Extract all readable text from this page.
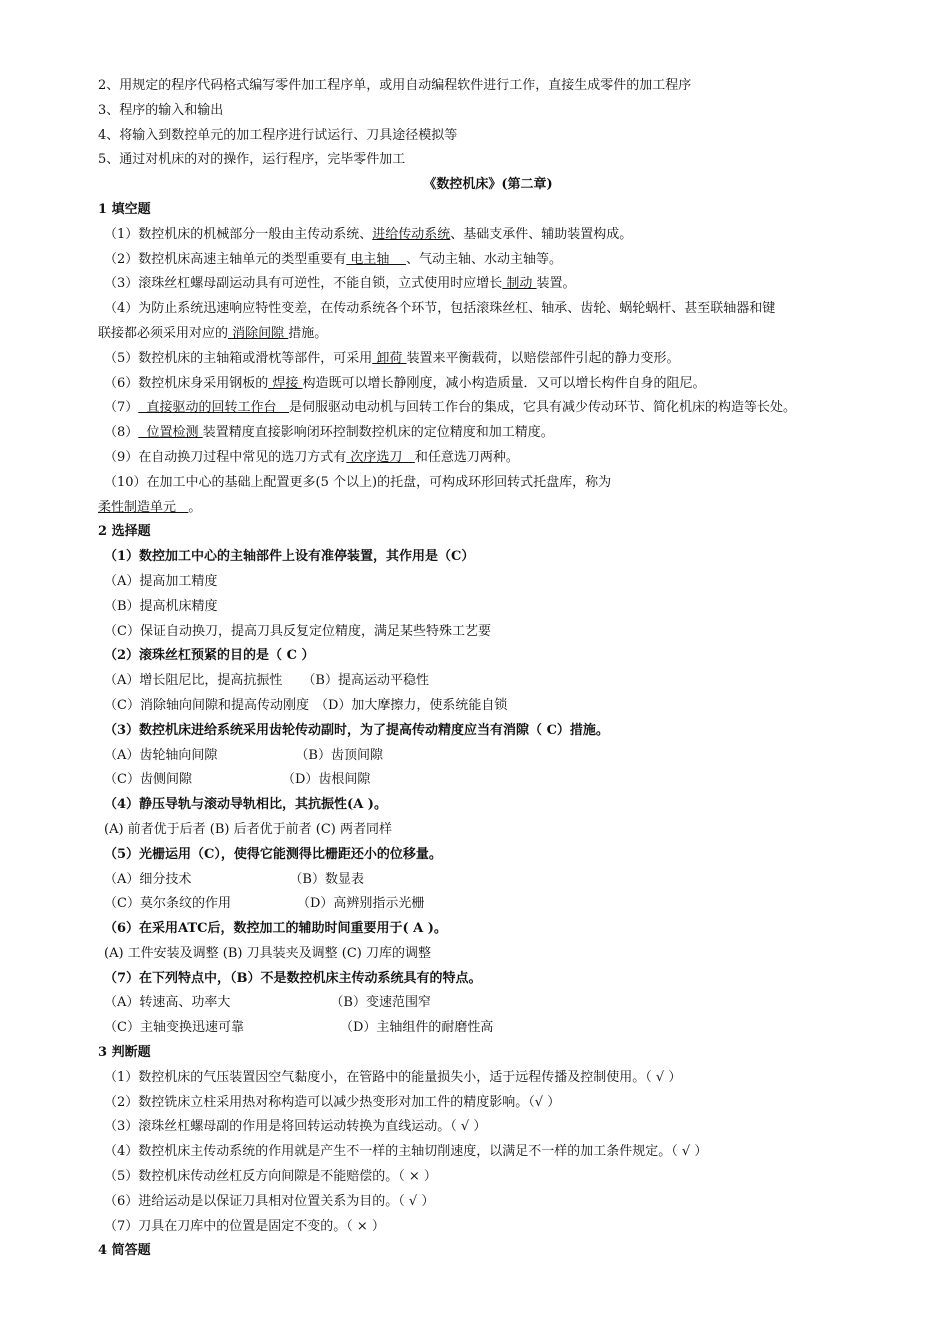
2、用规定的程序代码格式编写零件加工程序单，或用自动编程软件进行工作，直接生成零件的加工程序
3、程序的输入和输出
4、将输入到数控单元的加工程序进行试运行、刀具途径模拟等
5、通过对机床的对的操作，运行程序，完毕零件加工
《数控机床》(第二章)
1 填空题
（1）数控机床的机械部分一般由主传动系统、进给传动系统、基础支承件、辅助装置构成。
（2）数控机床高速主轴单元的类型重要有 电主轴    、气动主轴、水动主轴等。
（3）滚珠丝杠螺母副运动具有可逆性，不能自锁，立式使用时应增长 制动 装置。
（4）为防止系统迅速响应特性变差，在传动系统各个环节，包括滚珠丝杠、轴承、齿轮、蜗轮蜗杆、甚至联轴器和键
联接都必须采用对应的 消除间隙 措施。
（5）数控机床的主轴箱或滑枕等部件，可采用 卸荷 装置来平衡载荷，以赔偿部件引起的静力变形。
（6）数控机床身采用钢板的 焊接 构造既可以增长静刚度，减小构造质量．又可以增长构件自身的阻尼。
（7）  直接驱动的回转工作台   是伺服驱动电动机与回转工作台的集成，它具有减少传动环节、简化机床的构造等长处。
（8）  位置检测 装置精度直接影响闭环控制数控机床的定位精度和加工精度。
（9）在自动换刀过程中常见的选刀方式有 次序选刀   和任意选刀两种。
（10）在加工中心的基础上配置更多(5 个以上)的托盘，可构成环形回转式托盘库，称为
柔性制造单元   。
2 选择题
（1）数控加工中心的主轴部件上设有准停装置，其作用是（C）
（A）提高加工精度
（B）提高机床精度
（C）保证自动换刀，提高刀具反复定位精度，满足某些特殊工艺要
（2）滚珠丝杠预紧的目的是（ C ）
（A）增长阻尼比，提高抗振性 （B）提高运动平稳性
（C）消除轴向间隙和提高传动刚度 （D）加大摩擦力，使系统能自锁
（3）数控机床进给系统采用齿轮传动副时，为了提高传动精度应当有消隙（ C）措施。
（A）齿轮轴向间隙	（B）齿顶间隙
（C）齿侧间隙	（D）齿根间隙
（4）静压导轨与滚动导轨相比，其抗振性(A )。
(A) 前者优于后者 (B) 后者优于前者 (C) 两者同样
（5）光栅运用（C），使得它能测得比栅距还小的位移量。
（A）细分技术	（B）数显表
（C）莫尔条纹的作用	（D）高辨别指示光栅
（6）在采用ATC后，数控加工的辅助时间重要用于( A )。
(A) 工件安装及调整 (B) 刀具装夹及调整 (C) 刀库的调整
（7）在下列特点中，（B）不是数控机床主传动系统具有的特点。
（A）转速高、功率大	（B）变速范围窄
（C）主轴变换迅速可靠	（D）主轴组件的耐磨性高
3 判断题
（1）数控机床的气压装置因空气黏度小，在管路中的能量损失小，适于远程传播及控制使用。（ √ ）
（2）数控铣床立柱采用热对称构造可以减少热变形对加工件的精度影响。（√ ）
（3）滚珠丝杠螺母副的作用是将回转运动转换为直线运动。（ √ ）
（4）数控机床主传动系统的作用就是产生不一样的主轴切削速度，以满足不一样的加工条件规定。（ √ ）
（5）数控机床传动丝杠反方向间隙是不能赔偿的。（ × ）
（6）进给运动是以保证刀具相对位置关系为目的。（ √ ）
（7）刀具在刀库中的位置是固定不变的。（ × ）
4 简答题
